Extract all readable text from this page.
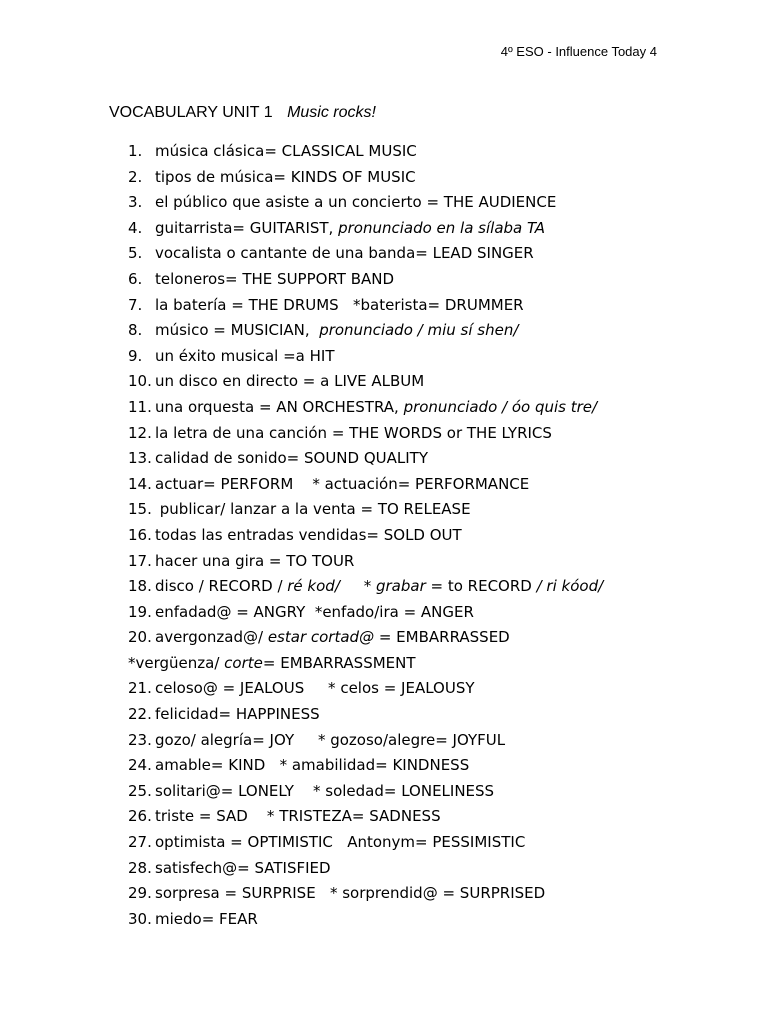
4º ESO - Influence Today 4
VOCABULARY UNIT 1 Music rocks!
1. música clásica= CLASSICAL MUSIC
2. tipos de música= KINDS OF MUSIC
3. el público que asiste a un concierto = THE AUDIENCE
4. guitarrista= GUITARIST, pronunciado en la sílaba TA
5. vocalista o cantante de una banda= LEAD SINGER
6. teloneros= THE SUPPORT BAND
7. la batería = THE DRUMS   *baterista= DRUMMER
8. músico = MUSICIAN,  pronunciado / miu sí shen/
9. un éxito musical =a HIT
10. un disco en directo = a LIVE ALBUM
11. una orquesta = AN ORCHESTRA, pronunciado / óo quis tre/
12. la letra de una canción = THE WORDS or THE LYRICS
13. calidad de sonido= SOUND QUALITY
14. actuar= PERFORM    * actuación= PERFORMANCE
15. publicar/ lanzar a la venta = TO RELEASE
16. todas las entradas vendidas= SOLD OUT
17. hacer una gira = TO TOUR
18. disco / RECORD / ré kod/     * grabar = to RECORD / ri kóod/
19. enfadad@ = ANGRY  *enfado/ira = ANGER
20. avergonzad@/ estar cortad@ = EMBARRASSED
*vergüenza/ corte= EMBARRASSMENT
21. celoso@ = JEALOUS     * celos = JEALOUSY
22. felicidad= HAPPINESS
23. gozo/ alegría= JOY     * gozoso/alegre= JOYFUL
24. amable= KIND   * amabilidad= KINDNESS
25. solitari@= LONELY    * soledad= LONELINESS
26. triste = SAD    * TRISTEZA= SADNESS
27. optimista = OPTIMISTIC   Antonym= PESSIMISTIC
28. satisfech@= SATISFIED
29. sorpresa = SURPRISE   * sorprendid@ = SURPRISED
30. miedo= FEAR
